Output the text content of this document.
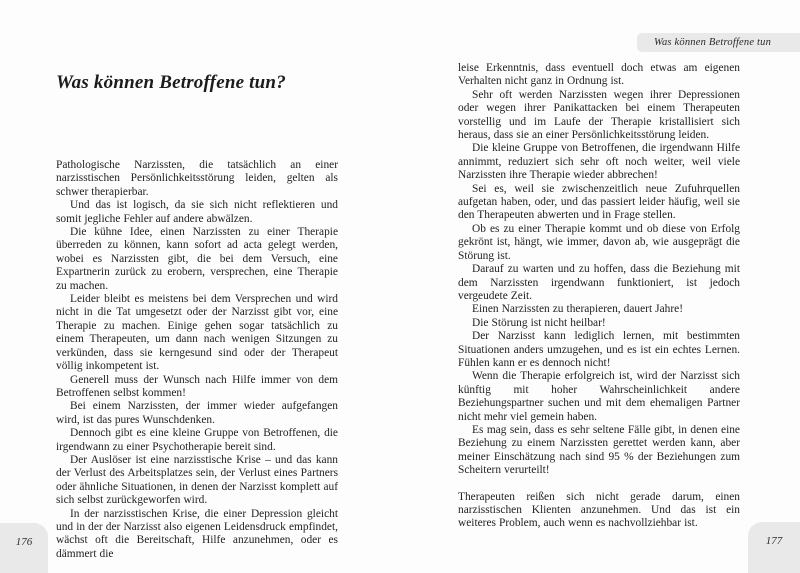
Was können Betroffene tun
Was können Betroffene tun?

Pathologische Narzissten, die tatsächlich an einer narzisstischen Persönlichkeitsstörung leiden, gelten als schwer therapierbar.

Und das ist logisch, da sie sich nicht reflektieren und somit jegliche Fehler auf andere abwälzen.

Die kühne Idee, einen Narzissten zu einer Therapie überreden zu können, kann sofort ad acta gelegt werden, wobei es Narzissten gibt, die bei dem Versuch, eine Expartnerin zurück zu erobern, versprechen, eine Therapie zu machen.

Leider bleibt es meistens bei dem Versprechen und wird nicht in die Tat umgesetzt oder der Narzisst gibt vor, eine Therapie zu machen. Einige gehen sogar tatsächlich zu einem Therapeuten, um dann nach wenigen Sitzungen zu verkünden, dass sie kerngesund sind oder der Therapeut völlig inkompetent ist.

Generell muss der Wunsch nach Hilfe immer von dem Betroffenen selbst kommen!

Bei einem Narzissten, der immer wieder aufgefangen wird, ist das pures Wunschdenken.

Dennoch gibt es eine kleine Gruppe von Betroffenen, die irgendwann zu einer Psychotherapie bereit sind.

Der Auslöser ist eine narzisstische Krise – und das kann der Verlust des Arbeitsplatzes sein, der Verlust eines Partners oder ähnliche Situationen, in denen der Narzisst komplett auf sich selbst zurückgeworfen wird.

In der narzisstischen Krise, die einer Depression gleicht und in der der Narzisst also eigenen Leidensdruck empfindet, wächst oft die Bereitschaft, Hilfe anzunehmen, oder es dämmert die

176

leise Erkenntnis, dass eventuell doch etwas am eigenen Verhalten nicht ganz in Ordnung ist.

Sehr oft werden Narzissten wegen ihrer Depressionen oder wegen ihrer Panikattacken bei einem Therapeuten vorstellig und im Laufe der Therapie kristallisiert sich heraus, dass sie an einer Persönlichkeitsstörung leiden.

Die kleine Gruppe von Betroffenen, die irgendwann Hilfe annimmt, reduziert sich sehr oft noch weiter, weil viele Narzissten ihre Therapie wieder abbrechen!

Sei es, weil sie zwischenzeitlich neue Zufuhrquellen aufgetan haben, oder, und das passiert leider häufig, weil sie den Therapeuten abwerten und in Frage stellen.

Ob es zu einer Therapie kommt und ob diese von Erfolg gekrönt ist, hängt, wie immer, davon ab, wie ausgeprägt die Störung ist.

Darauf zu warten und zu hoffen, dass die Beziehung mit dem Narzissten irgendwann funktioniert, ist jedoch vergeudete Zeit.

Einen Narzissten zu therapieren, dauert Jahre!

Die Störung ist nicht heilbar!

Der Narzisst kann lediglich lernen, mit bestimmten Situationen anders umzugehen, und es ist ein echtes Lernen. Fühlen kann er es dennoch nicht!

Wenn die Therapie erfolgreich ist, wird der Narzisst sich künftig mit hoher Wahrscheinlichkeit andere Beziehungspartner suchen und mit dem ehemaligen Partner nicht mehr viel gemein haben.

Es mag sein, dass es sehr seltene Fälle gibt, in denen eine Beziehung zu einem Narzissten gerettet werden kann, aber meiner Einschätzung nach sind 95 % der Beziehungen zum Scheitern verurteilt!

Therapeuten reißen sich nicht gerade darum, einen narzisstischen Klienten anzunehmen. Und das ist ein weiteres Problem, auch wenn es nachvollziehbar ist.

177
